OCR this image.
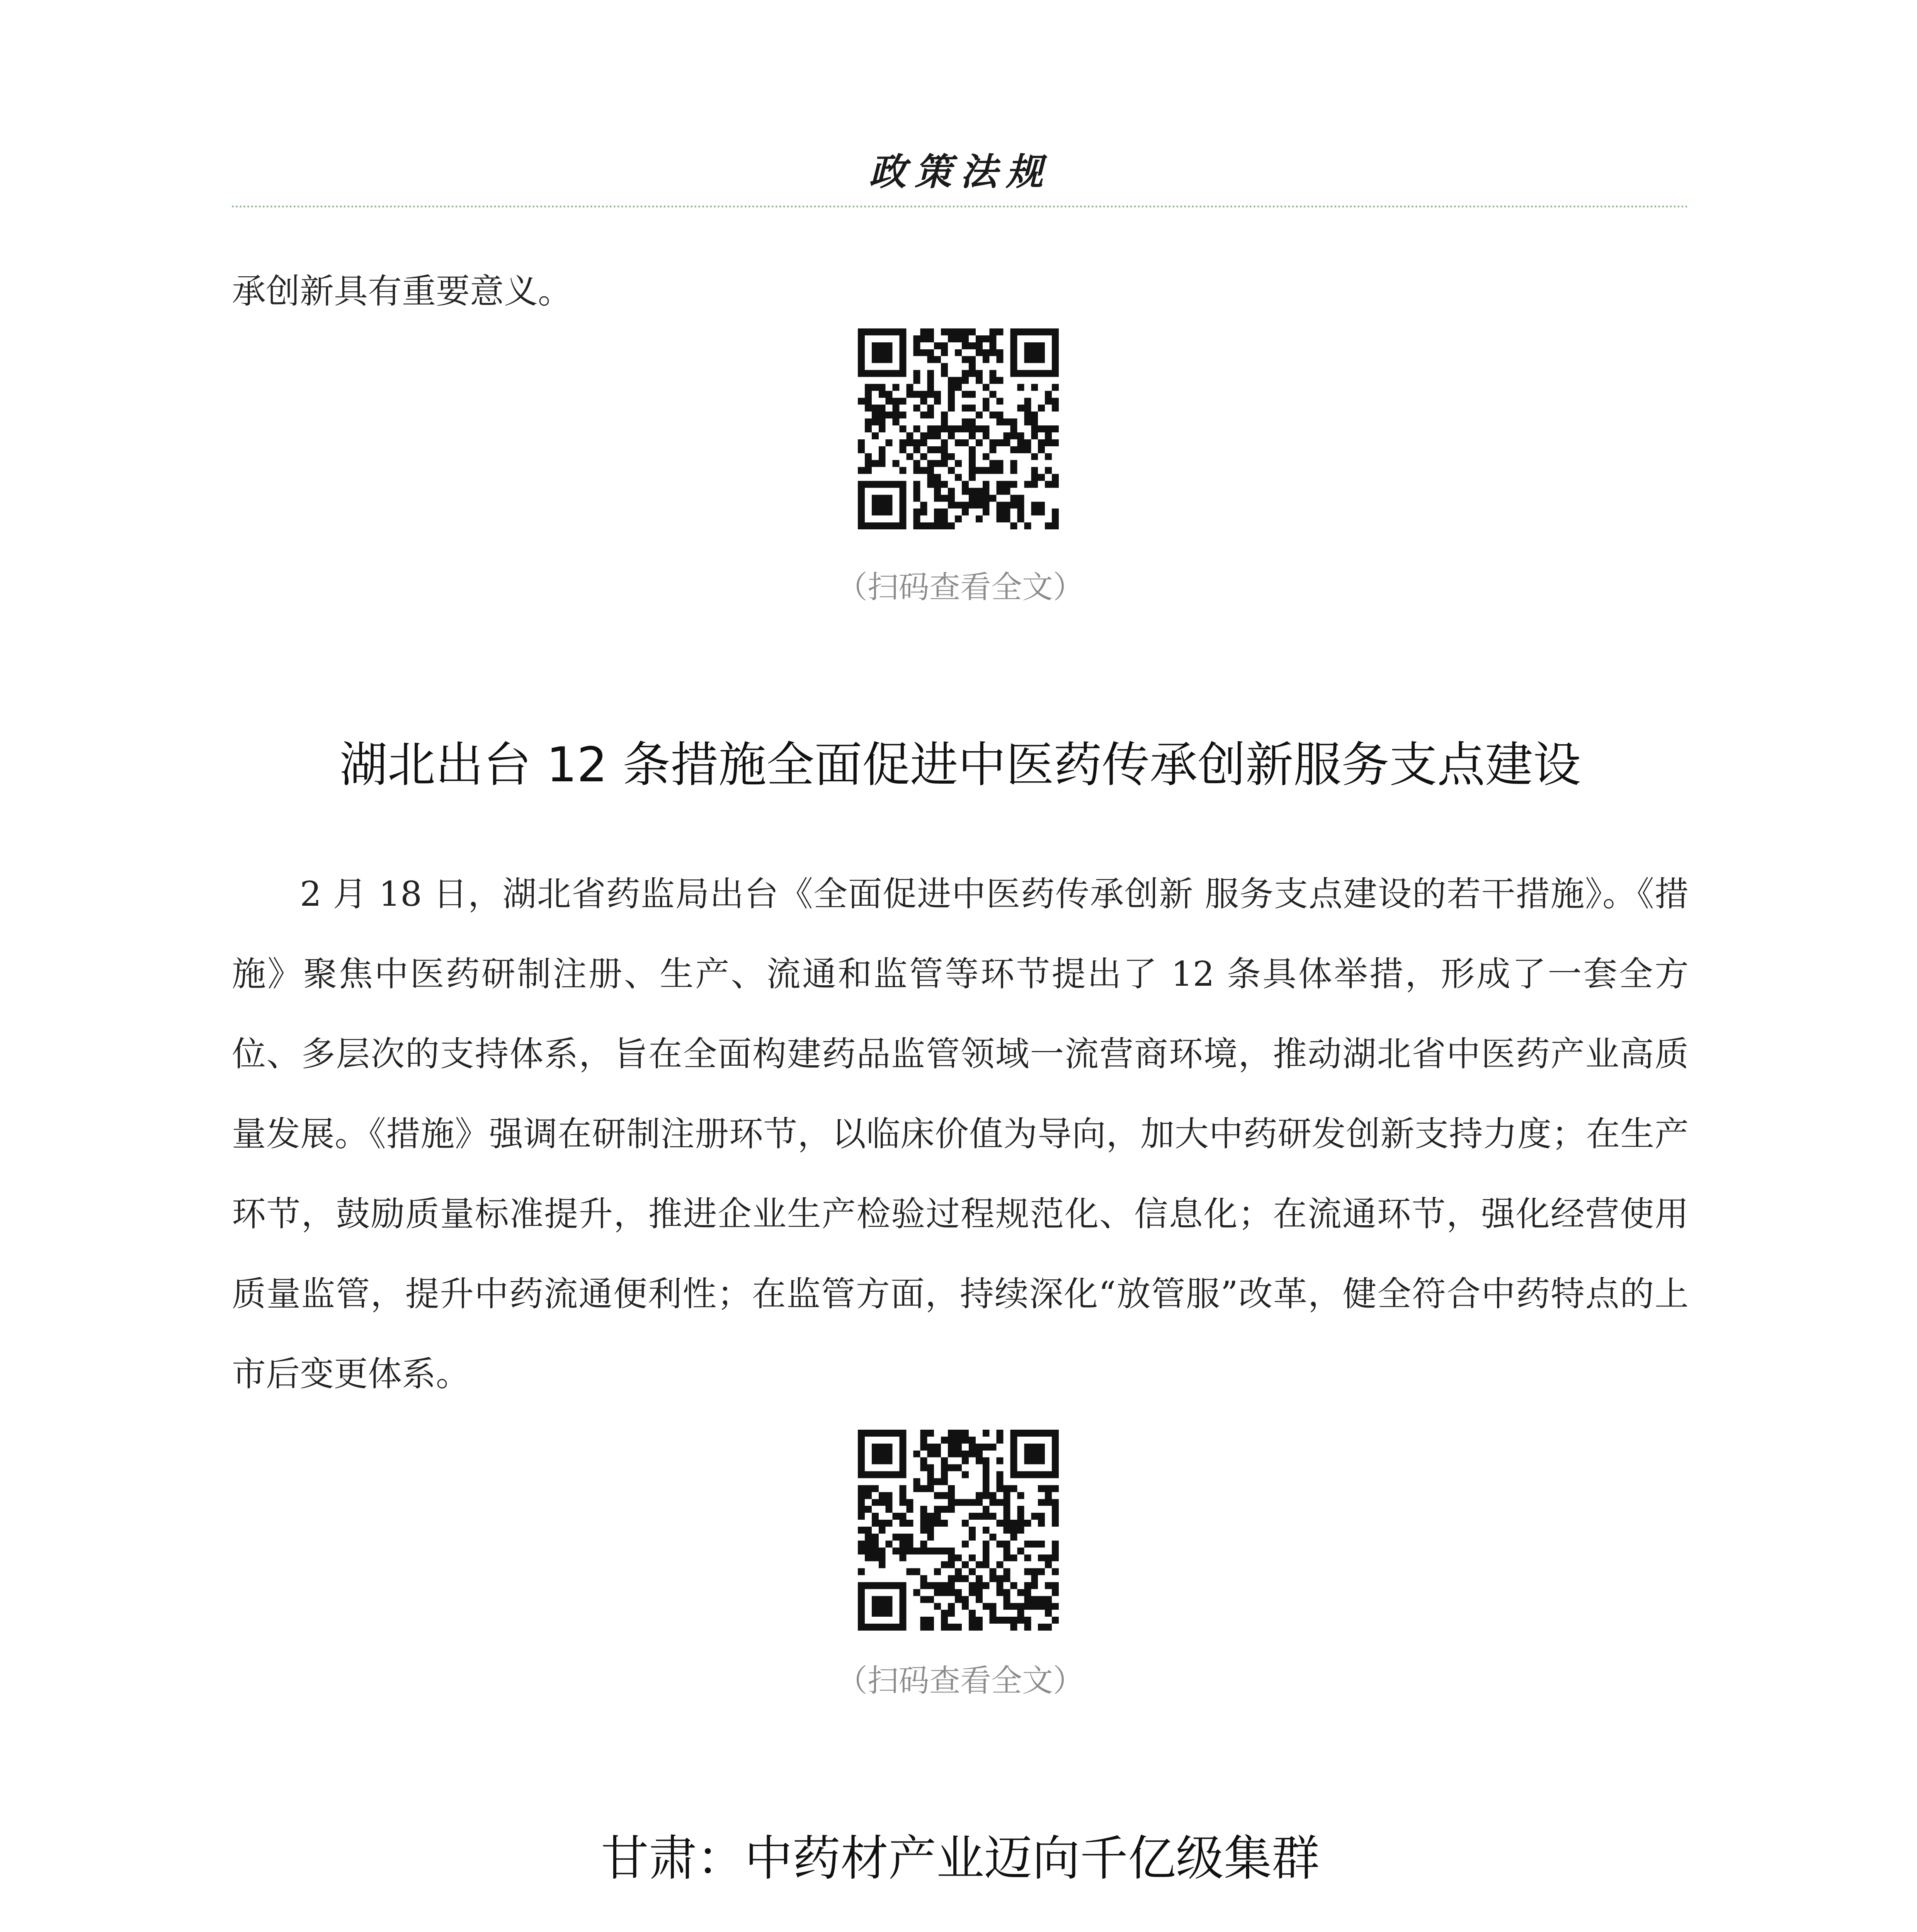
政策法规
承创新具有重要意义。
（扫码查看全文）
湖北出台 12 条措施全面促进中医药传承创新服务支点建设
2 月 18 日，湖北省药监局出台《全面促进中医药传承创新 服务支点建设的若干措施》。《措施》聚焦中医药研制注册、生产、流通和监管等环节提出了 12 条具体举措，形成了一套全方位、多层次的支持体系，旨在全面构建药品监管领域一流营商环境，推动湖北省中医药产业高质量发展。《措施》强调在研制注册环节，以临床价值为导向，加大中药研发创新支持力度；在生产环节，鼓励质量标准提升，推进企业生产检验过程规范化、信息化；在流通环节，强化经营使用质量监管，提升中药流通便利性；在监管方面，持续深化“放管服”改革，健全符合中药特点的上市后变更体系。
（扫码查看全文）
甘肃：中药材产业迈向千亿级集群
